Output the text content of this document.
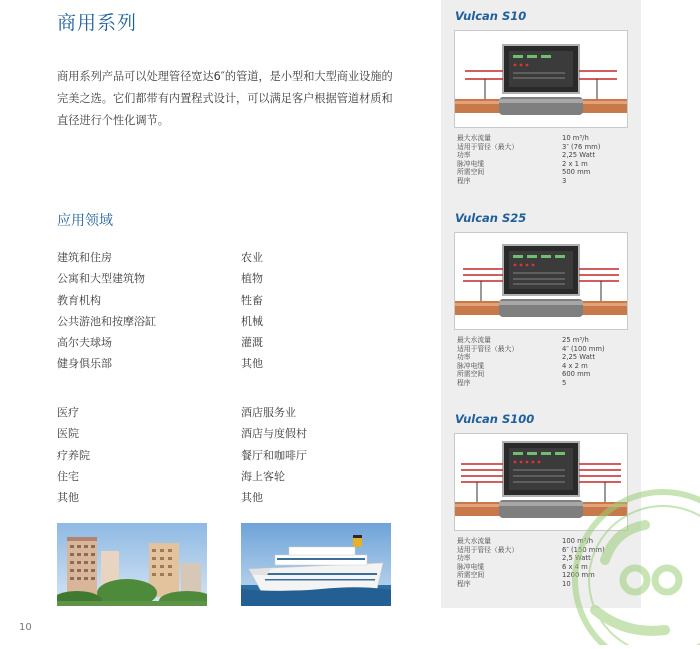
商用系列
商用系列产品可以处理管径宽达6″的管道，是小型和大型商业设施的完美之选。它们都带有内置程式设计，可以满足客户根据管道材质和直径进行个性化调节。
应用领域
建筑和住房
公寓和大型建筑物
教育机构
公共游池和按摩浴缸
高尔夫球场
健身俱乐部
农业
植物
牲畜
机械
灌溉
其他
医疗
医院
疗养院
住宅
其他
酒店服务业
酒店与度假村
餐厅和咖啡厅
海上客轮
其他
10
Vulcan S10
最大水流量	10 m³/h
适用于管径（最大）	3″ (76 mm)
功率	2,25 Watt
脉冲电缆	2 x 1 m
所需空间	500 mm
程序	3
Vulcan S25
最大水流量	25 m³/h
适用于管径（最大）	4″ (100 mm)
功率	2,25 Watt
脉冲电缆	4 x 2 m
所需空间	600 mm
程序	5
Vulcan S100
最大水流量	100 m³/h
适用于管径（最大）	6″ (150 mm)
功率	2,5 Watt
脉冲电缆	6 x 4 m
所需空间	1200 mm
程序	10
